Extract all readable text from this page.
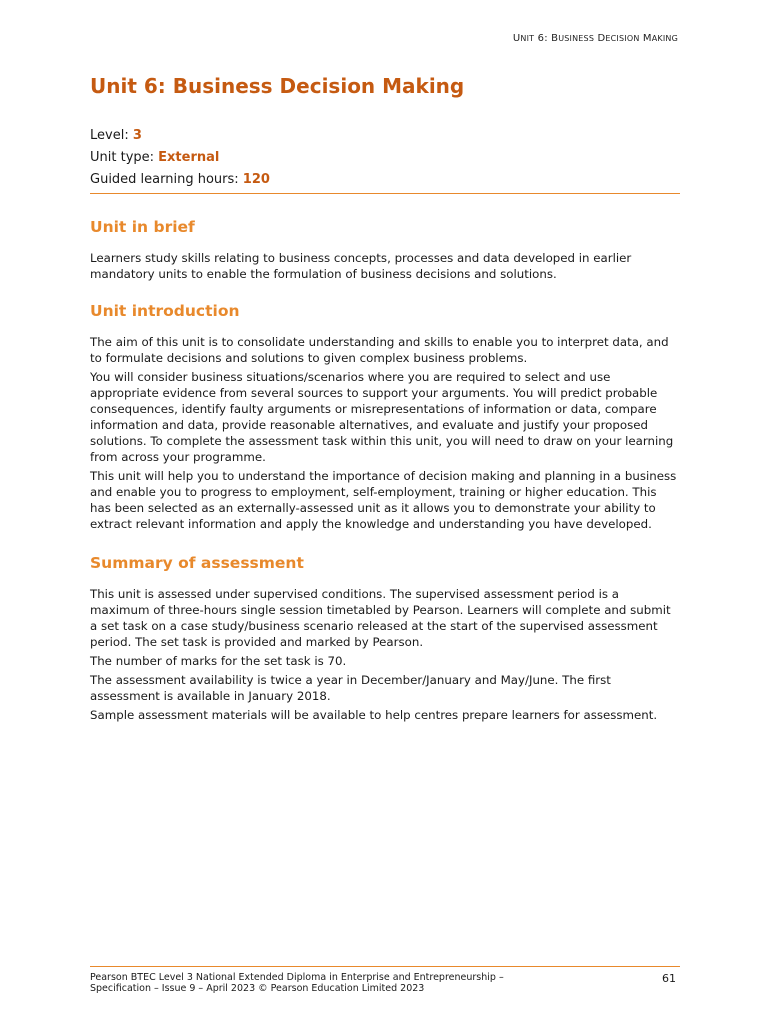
UNIT 6: BUSINESS DECISION MAKING
Unit 6: Business Decision Making
Level: 3
Unit type: External
Guided learning hours: 120
Unit in brief

Learners study skills relating to business concepts, processes and data developed in earlier mandatory units to enable the formulation of business decisions and solutions.

Unit introduction

The aim of this unit is to consolidate understanding and skills to enable you to interpret data, and to formulate decisions and solutions to given complex business problems.

You will consider business situations/scenarios where you are required to select and use appropriate evidence from several sources to support your arguments. You will predict probable consequences, identify faulty arguments or misrepresentations of information or data, compare information and data, provide reasonable alternatives, and evaluate and justify your proposed solutions. To complete the assessment task within this unit, you will need to draw on your learning from across your programme.

This unit will help you to understand the importance of decision making and planning in a business and enable you to progress to employment, self-employment, training or higher education. This has been selected as an externally-assessed unit as it allows you to demonstrate your ability to extract relevant information and apply the knowledge and understanding you have developed.

Summary of assessment

This unit is assessed under supervised conditions. The supervised assessment period is a maximum of three-hours single session timetabled by Pearson. Learners will complete and submit a set task on a case study/business scenario released at the start of the supervised assessment period. The set task is provided and marked by Pearson.

The number of marks for the set task is 70.

The assessment availability is twice a year in December/January and May/June. The first assessment is available in January 2018.

Sample assessment materials will be available to help centres prepare learners for assessment.

Pearson BTEC Level 3 National Extended Diploma in Enterprise and Entrepreneurship –
Specification – Issue 9 – April 2023 © Pearson Education Limited 2023
61
